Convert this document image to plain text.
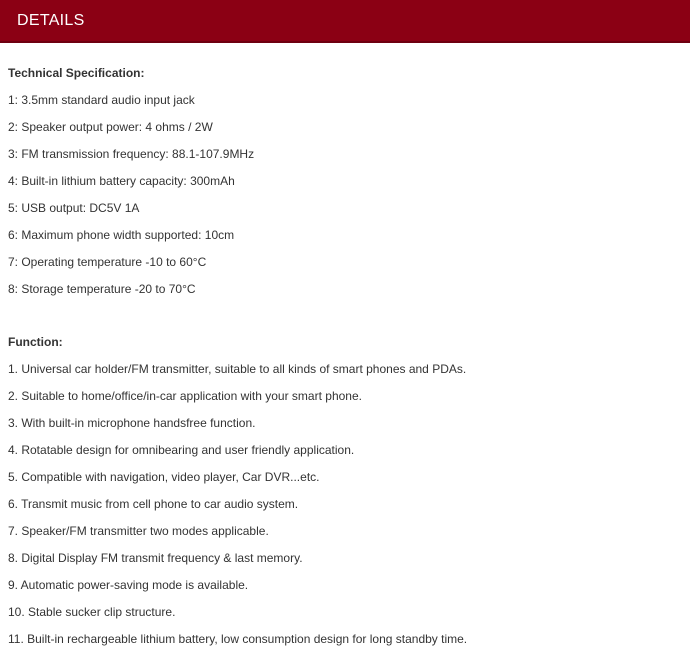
DETAILS
Technical Specification:
1: 3.5mm standard audio input jack
2: Speaker output power: 4 ohms / 2W
3: FM transmission frequency: 88.1-107.9MHz
4: Built-in lithium battery capacity: 300mAh
5: USB output: DC5V 1A
6: Maximum phone width supported: 10cm
7: Operating temperature -10 to 60°C
8: Storage temperature -20 to 70°C
Function:
1. Universal car holder/FM transmitter, suitable to all kinds of smart phones and PDAs.
2. Suitable to home/office/in-car application with your smart phone.
3. With built-in microphone handsfree function.
4. Rotatable design for omnibearing and user friendly application.
5. Compatible with navigation, video player, Car DVR...etc.
6. Transmit music from cell phone to car audio system.
7. Speaker/FM transmitter two modes applicable.
8. Digital Display FM transmit frequency & last memory.
9. Automatic power-saving mode is available.
10. Stable sucker clip structure.
11. Built-in rechargeable lithium battery, low consumption design for long standby time.
